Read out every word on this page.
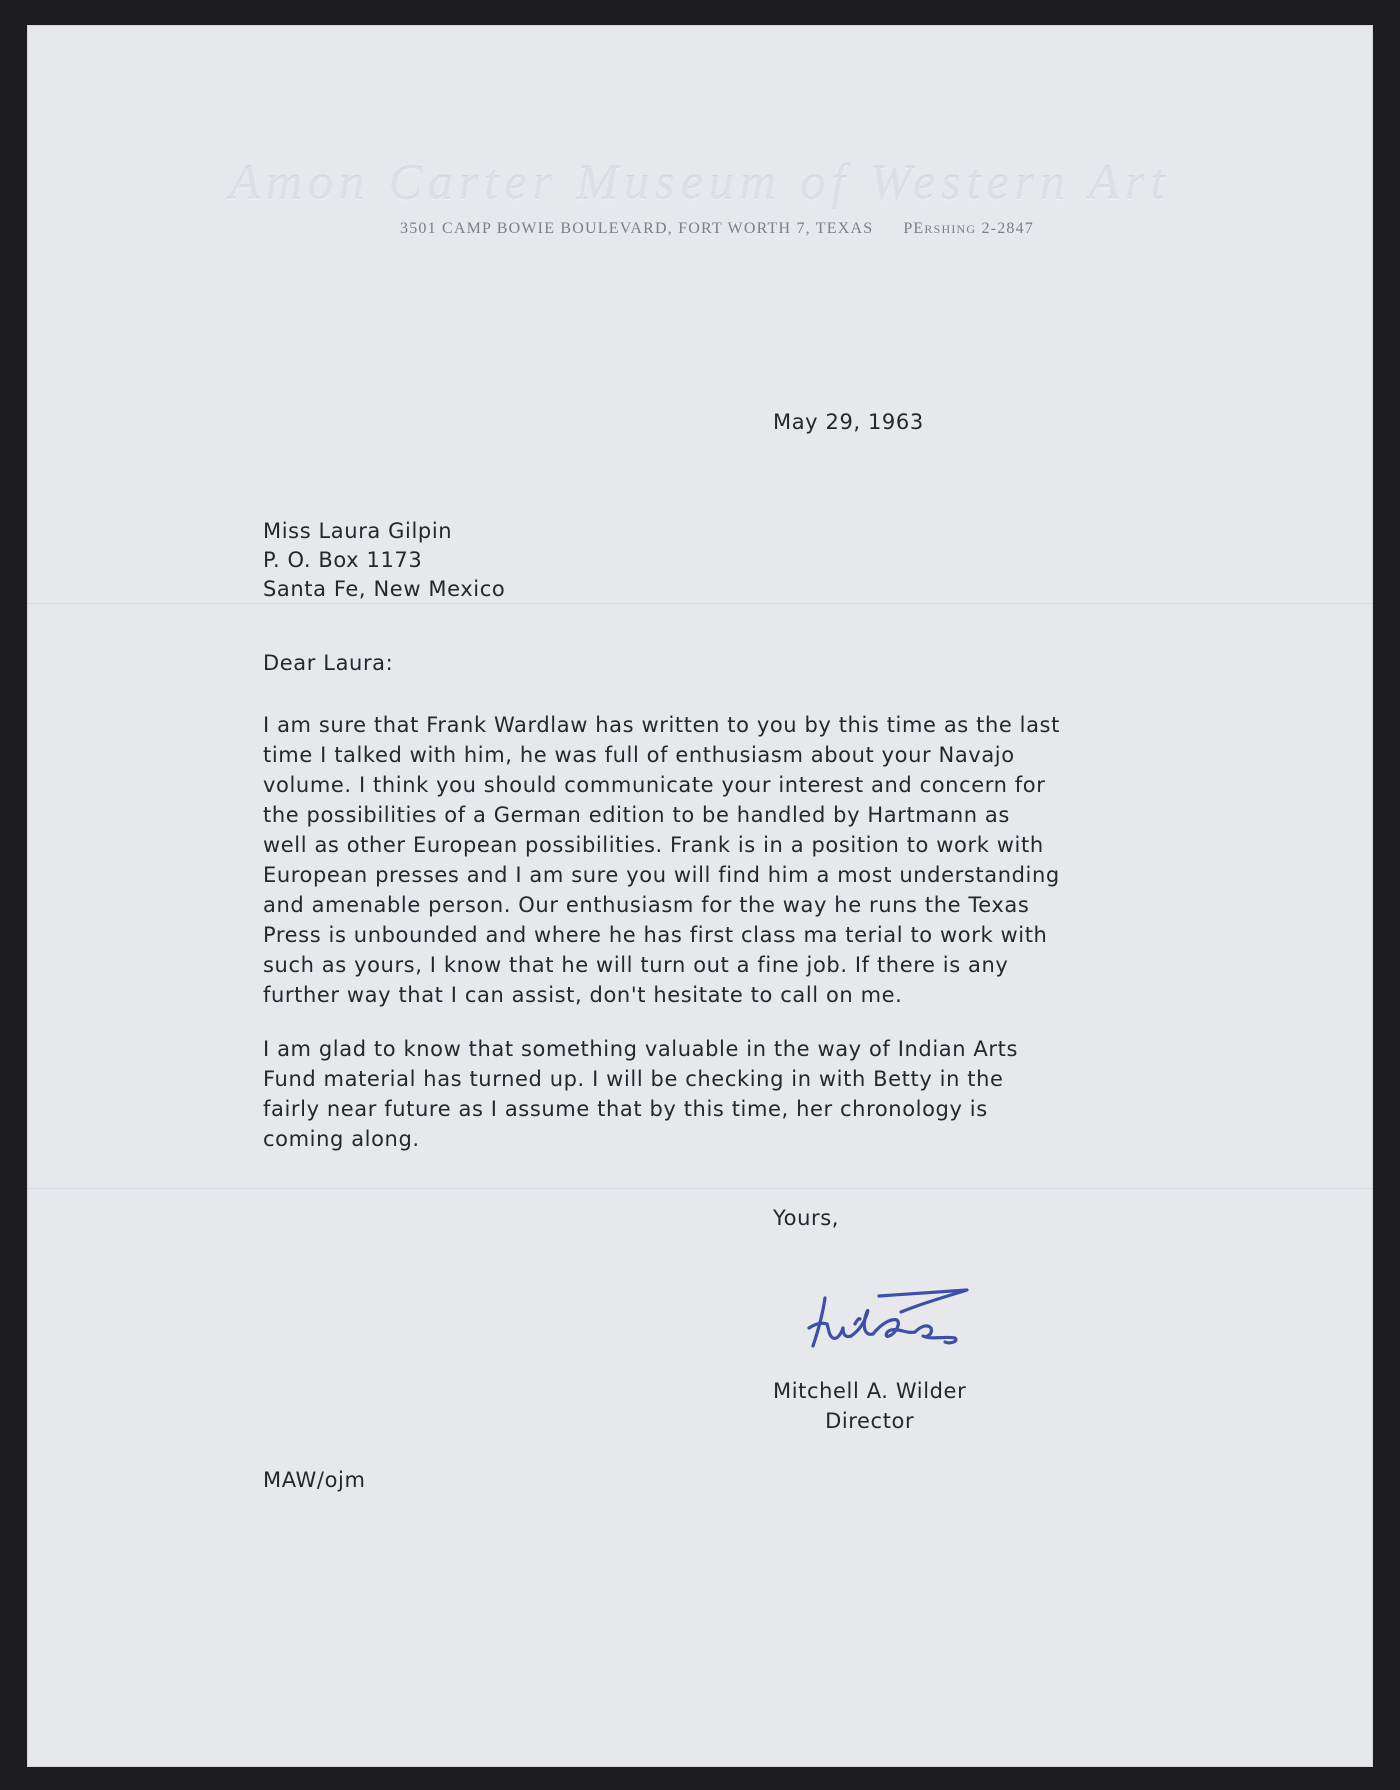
Amon Carter Museum of Western Art
3501 CAMP BOWIE BOULEVARD, FORT WORTH 7, TEXAS PERSHING 2-2847
May 29, 1963
Miss Laura Gilpin
P. O. Box 1173
Santa Fe, New Mexico
Dear Laura:
I am sure that Frank Wardlaw has written to you by this time as the last
time I talked with him, he was full of enthusiasm about your Navajo
volume. I think you should communicate your interest and concern for
the possibilities of a German edition to be handled by Hartmann as
well as other European possibilities. Frank is in a position to work with
European presses and I am sure you will find him a most understanding
and amenable person. Our enthusiasm for the way he runs the Texas
Press is unbounded and where he has first class ma terial to work with
such as yours, I know that he will turn out a fine job. If there is any
further way that I can assist, don't hesitate to call on me.
I am glad to know that something valuable in the way of Indian Arts
Fund material has turned up. I will be checking in with Betty in the
fairly near future as I assume that by this time, her chronology is
coming along.
Yours,
Mitchell A. Wilder
Director
MAW/ojm
